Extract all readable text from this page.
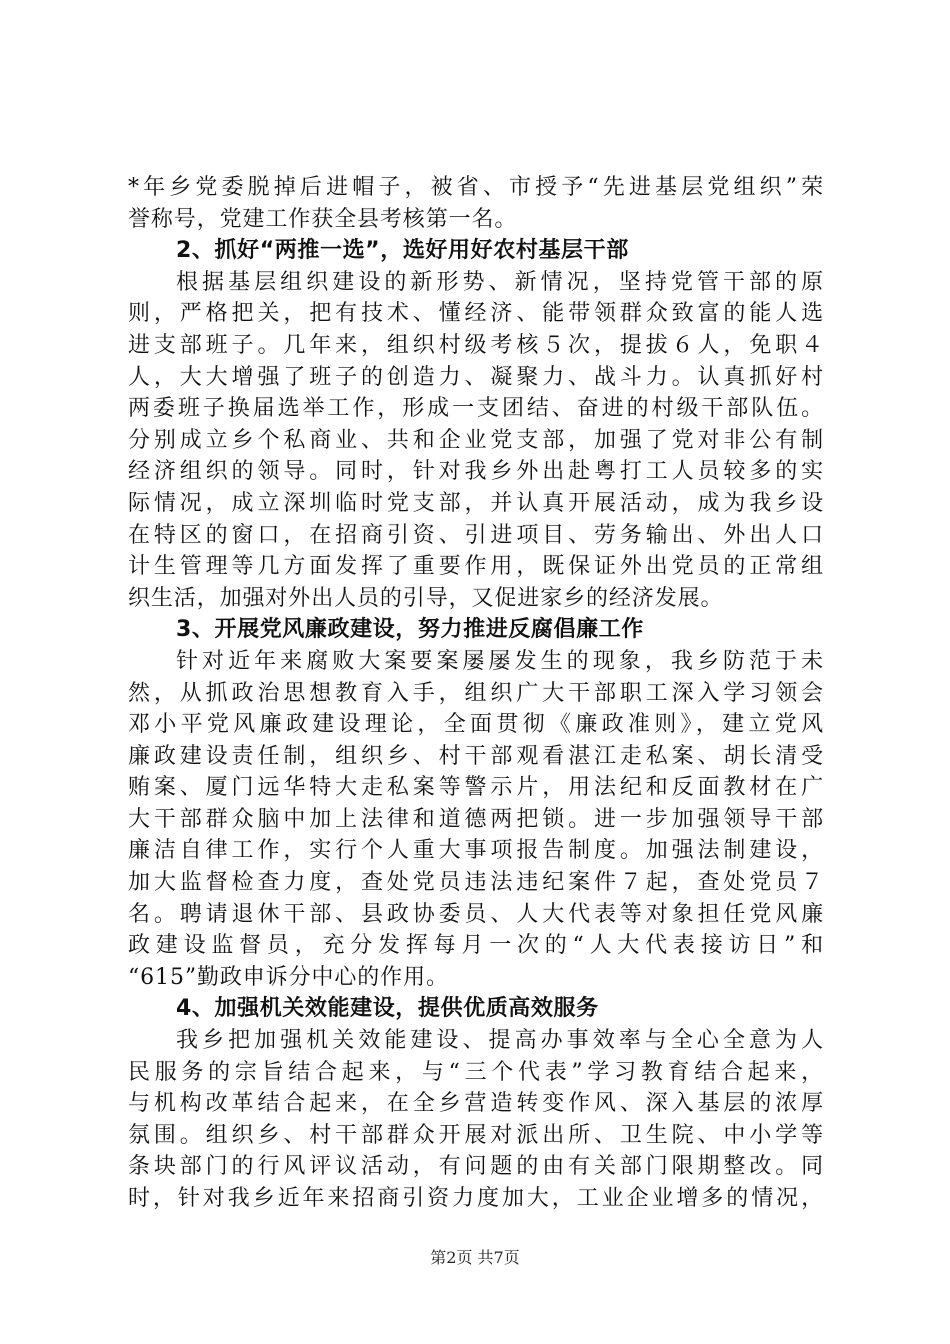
*年乡党委脱掉后进帽子，被省、市授予“先进基层党组织”荣
誉称号，党建工作获全县考核第一名。
2、抓好“两推一选”，选好用好农村基层干部
根据基层组织建设的新形势、新情况，坚持党管干部的原
则，严格把关，把有技术、懂经济、能带领群众致富的能人选
进支部班子。几年来，组织村级考核５次，提拔６人，免职４
人，大大增强了班子的创造力、凝聚力、战斗力。认真抓好村
两委班子换届选举工作，形成一支团结、奋进的村级干部队伍。
分别成立乡个私商业、共和企业党支部，加强了党对非公有制
经济组织的领导。同时，针对我乡外出赴粤打工人员较多的实
际情况，成立深圳临时党支部，并认真开展活动，成为我乡设
在特区的窗口，在招商引资、引进项目、劳务输出、外出人口
计生管理等几方面发挥了重要作用，既保证外出党员的正常组
织生活，加强对外出人员的引导，又促进家乡的经济发展。
3、开展党风廉政建设，努力推进反腐倡廉工作
针对近年来腐败大案要案屡屡发生的现象，我乡防范于未
然，从抓政治思想教育入手，组织广大干部职工深入学习领会
邓小平党风廉政建设理论，全面贯彻《廉政准则》，建立党风
廉政建设责任制，组织乡、村干部观看湛江走私案、胡长清受
贿案、厦门远华特大走私案等警示片，用法纪和反面教材在广
大干部群众脑中加上法律和道德两把锁。进一步加强领导干部
廉洁自律工作，实行个人重大事项报告制度。加强法制建设，
加大监督检查力度，查处党员违法违纪案件７起，查处党员７
名。聘请退休干部、县政协委员、人大代表等对象担任党风廉
政建设监督员，充分发挥每月一次的“人大代表接访日”和
“615”勤政申诉分中心的作用。
4、加强机关效能建设，提供优质高效服务
我乡把加强机关效能建设、提高办事效率与全心全意为人
民服务的宗旨结合起来，与“三个代表”学习教育结合起来，
与机构改革结合起来，在全乡营造转变作风、深入基层的浓厚
氛围。组织乡、村干部群众开展对派出所、卫生院、中小学等
条块部门的行风评议活动，有问题的由有关部门限期整改。同
时，针对我乡近年来招商引资力度加大，工业企业增多的情况，
第2页 共7页
